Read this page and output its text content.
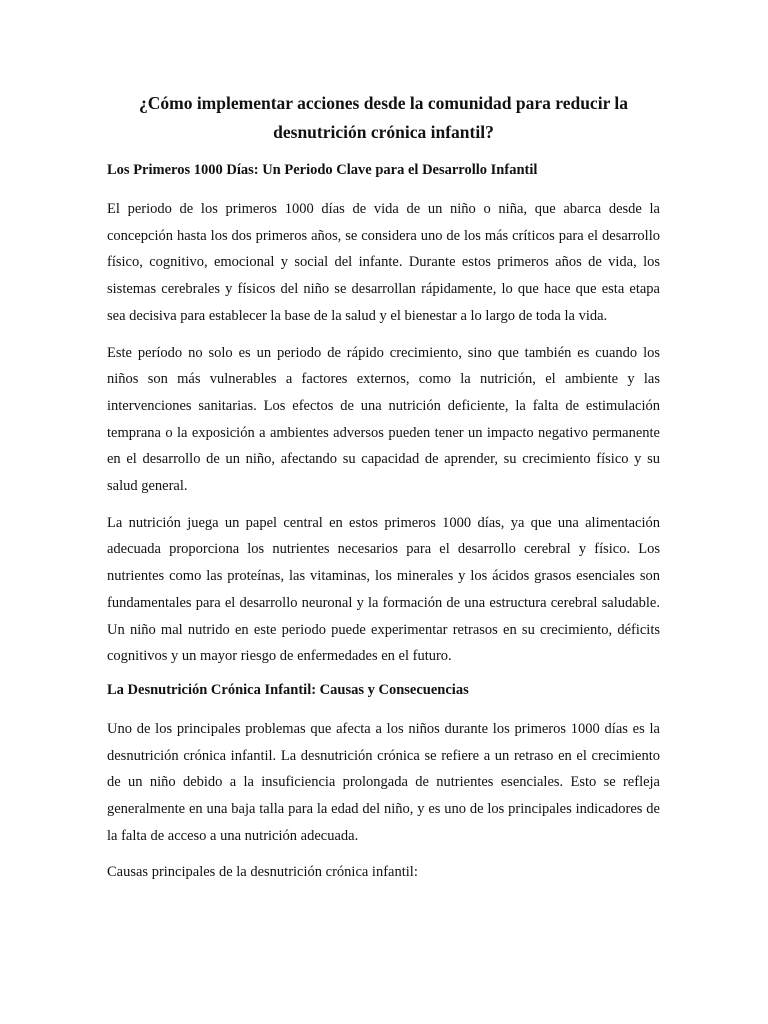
¿Cómo implementar acciones desde la comunidad para reducir la desnutrición crónica infantil?
Los Primeros 1000 Días: Un Periodo Clave para el Desarrollo Infantil

El periodo de los primeros 1000 días de vida de un niño o niña, que abarca desde la concepción hasta los dos primeros años, se considera uno de los más críticos para el desarrollo físico, cognitivo, emocional y social del infante. Durante estos primeros años de vida, los sistemas cerebrales y físicos del niño se desarrollan rápidamente, lo que hace que esta etapa sea decisiva para establecer la base de la salud y el bienestar a lo largo de toda la vida.

Este período no solo es un periodo de rápido crecimiento, sino que también es cuando los niños son más vulnerables a factores externos, como la nutrición, el ambiente y las intervenciones sanitarias. Los efectos de una nutrición deficiente, la falta de estimulación temprana o la exposición a ambientes adversos pueden tener un impacto negativo permanente en el desarrollo de un niño, afectando su capacidad de aprender, su crecimiento físico y su salud general.

La nutrición juega un papel central en estos primeros 1000 días, ya que una alimentación adecuada proporciona los nutrientes necesarios para el desarrollo cerebral y físico. Los nutrientes como las proteínas, las vitaminas, los minerales y los ácidos grasos esenciales son fundamentales para el desarrollo neuronal y la formación de una estructura cerebral saludable. Un niño mal nutrido en este periodo puede experimentar retrasos en su crecimiento, déficits cognitivos y un mayor riesgo de enfermedades en el futuro.

La Desnutrición Crónica Infantil: Causas y Consecuencias

Uno de los principales problemas que afecta a los niños durante los primeros 1000 días es la desnutrición crónica infantil. La desnutrición crónica se refiere a un retraso en el crecimiento de un niño debido a la insuficiencia prolongada de nutrientes esenciales. Esto se refleja generalmente en una baja talla para la edad del niño, y es uno de los principales indicadores de la falta de acceso a una nutrición adecuada.

Causas principales de la desnutrición crónica infantil:
